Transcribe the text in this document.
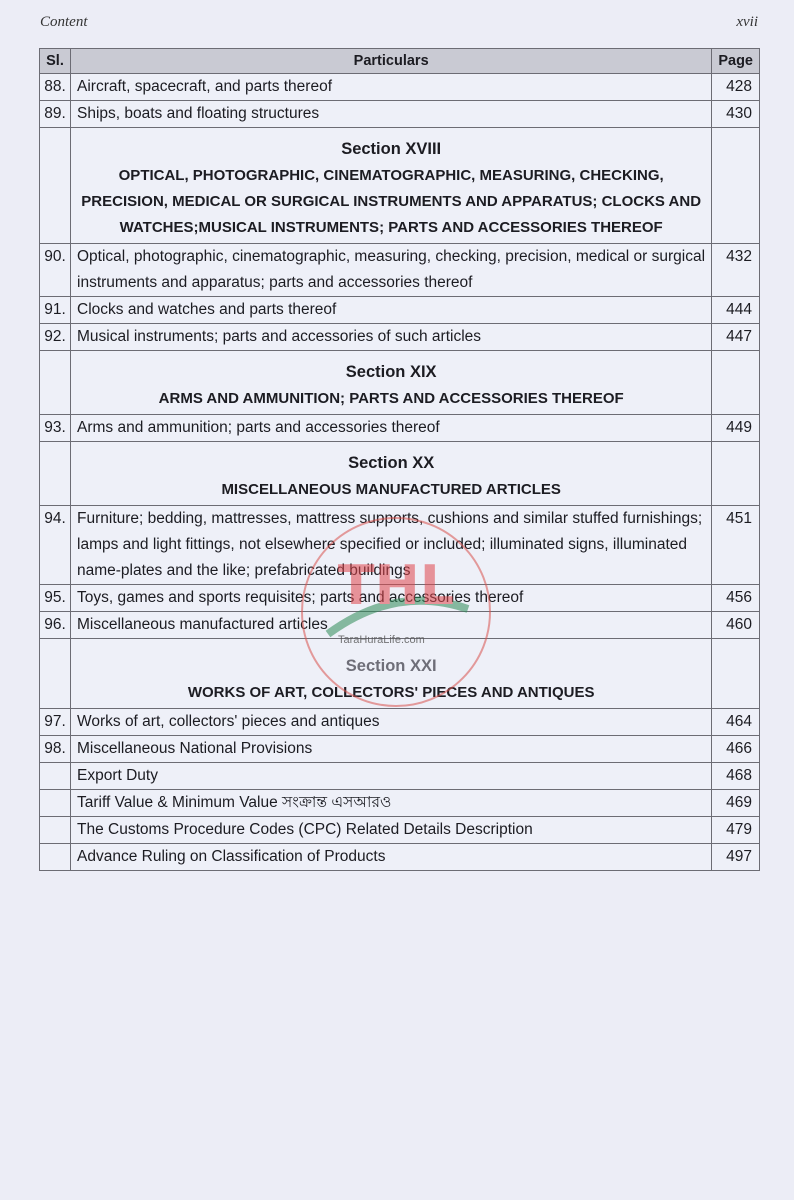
Content	xvii
Sl.	Particulars	Page
88.	Aircraft, spacecraft, and parts thereof	428
89.	Ships, boats and floating structures	430

	Section XVIII
OPTICAL, PHOTOGRAPHIC, CINEMATOGRAPHIC, MEASURING, CHECKING, PRECISION, MEDICAL OR SURGICAL INSTRUMENTS AND APPARATUS; CLOCKS AND WATCHES;MUSICAL INSTRUMENTS; PARTS AND ACCESSORIES THEREOF	

90.	Optical, photographic, cinematographic, measuring, checking, precision, medical or surgical instruments and apparatus; parts and accessories thereof	432
91.	Clocks and watches and parts thereof	444
92.	Musical instruments; parts and accessories of such articles	447

	Section XIX
ARMS AND AMMUNITION; PARTS AND ACCESSORIES THEREOF	

93.	Arms and ammunition; parts and accessories thereof	449

	Section XX
MISCELLANEOUS MANUFACTURED ARTICLES	

94.	Furniture; bedding, mattresses, mattress supports, cushions and similar stuffed furnishings; lamps and light fittings, not elsewhere specified or included; illuminated signs, illuminated name-plates and the like; prefabricated buildings	451
95.	Toys, games and sports requisites; parts and accessories thereof	456
96.	Miscellaneous manufactured articles	460

	Section XXI
WORKS OF ART, COLLECTORS' PIECES AND ANTIQUES	

97.	Works of art, collectors' pieces and antiques	464
98.	Miscellaneous National Provisions	466
	Export Duty	468
	Tariff Value & Minimum Value সংক্রান্ত এসআরও	469
	The Customs Procedure Codes (CPC) Related Details Description	479
	Advance Ruling on Classification of Products	497
THL
TaraHuraLife.com
